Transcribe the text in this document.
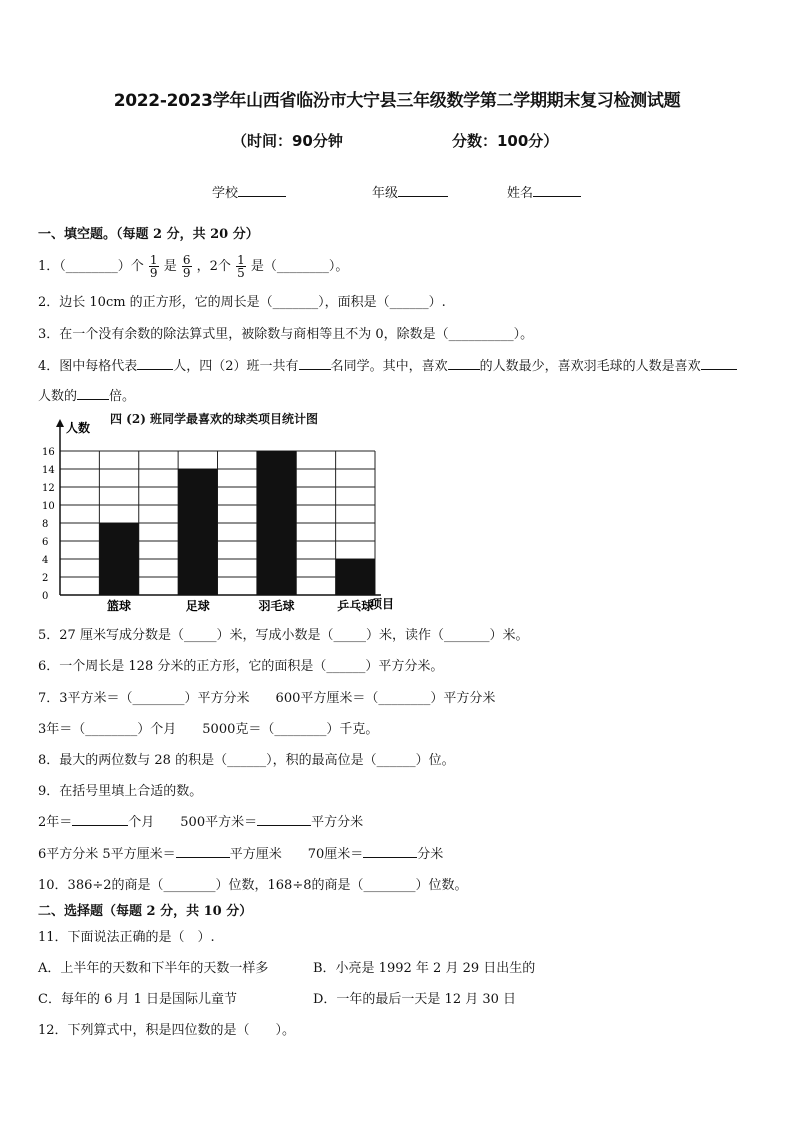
2022-2023学年山西省临汾市大宁县三年级数学第二学期期末复习检测试题
（时间：90分钟	分数：100分）
学校	年级	姓名
一、填空题。（每题 2 分，共 20 分）
1．（________）个 $\frac{1}{9}$ 是 $\frac{6}{9}$ ，2个 $\frac{1}{5}$ 是（________）。
2．边长 10cm 的正方形，它的周长是（_______），面积是（______）.
3．在一个没有余数的除法算式里，被除数与商相等且不为 0，除数是（__________）。
4．图中每格代表	人，四（2）班一共有 名同学。其中，喜欢 的人数最少，喜欢羽毛球的人数是喜欢
人数的 倍。
四 (2) 班同学最喜欢的球类项目统计图
人数
项目
0
2
4
6
8
10
12
14
16
篮球	足球	羽毛球	乒乓球
5．27 厘米写成分数是（_____）米，写成小数是（_____）米，读作（_______）米。
6．一个周长是 128 分米的正方形，它的面积是（______）平方分米。
7．3平方米＝（________）平方分米　　600平方厘米＝（________）平方分米
3年＝（________）个月　　5000克＝（________）千克。
8．最大的两位数与 28 的积是（______），积的最高位是（______）位。
9．在括号里填上合适的数。
2年＝	个月　　500平方米＝	平方分米
6平方分米 5平方厘米＝	平方厘米　　70厘米＝	分米
10．386÷2的商是（________）位数，168÷8的商是（________）位数。
二、选择题（每题 2 分，共 10 分）
11．下面说法正确的是（　）.
A．上半年的天数和下半年的天数一样多	B．小亮是 1992 年 2 月 29 日出生的
C．每年的 6 月 1 日是国际儿童节	D．一年的最后一天是 12 月 30 日
12．下列算式中，积是四位数的是（　　）。
